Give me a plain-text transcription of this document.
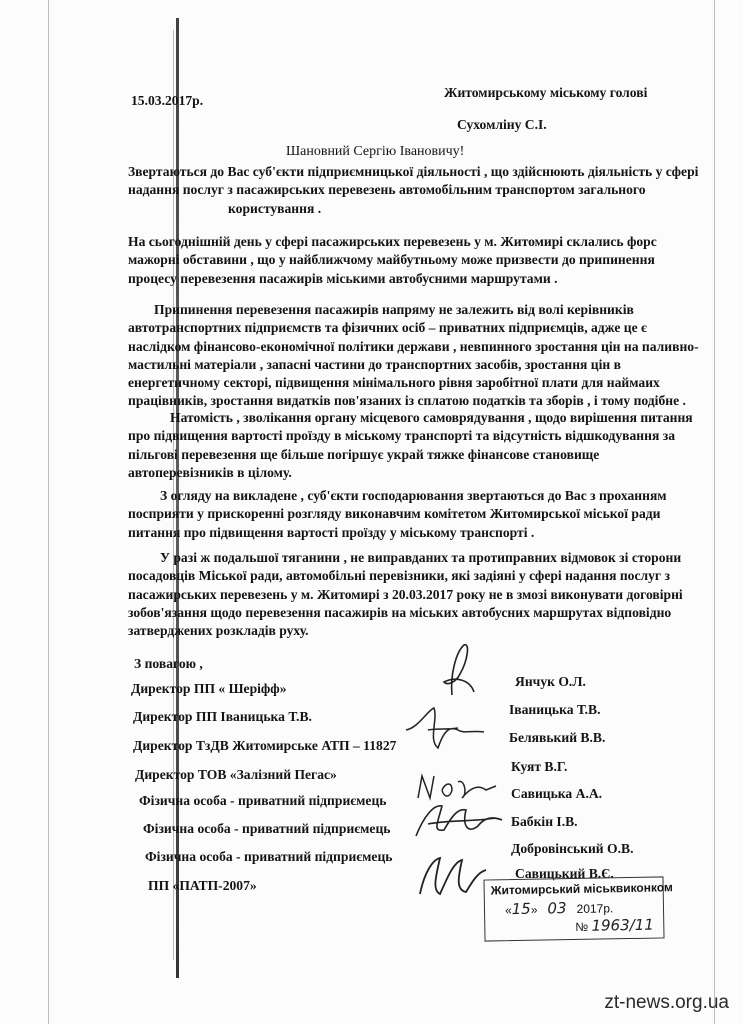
15.03.2017р.
Житомирському міському голові
Сухомліну С.І.
Шановний Сергію Івановичу!
Звертаються до Вас суб'єкти підприємницької діяльності , що здійснюють діяльність у сфері
надання послуг з пасажирських перевезень автомобільним транспортом загального
користування .
На сьогоднішній день у сфері пасажирських перевезень у м. Житомирі склались форс
мажорні обставини , що у найближчому майбутньому може призвести до припинення
процесу перевезення пасажирів міськими автобусними маршрутами .
Припинення перевезення пасажирів напряму не залежить від волі керівників
автотранспортних підприємств та фізичних осіб – приватних підприємців, адже це є
наслідком фінансово-економічної політики держави , невпинного зростання цін на паливно-
мастильні матеріали , запасні частини до транспортних засобів, зростання цін в
енергетичному секторі, підвищення мінімального рівня заробітної плати для наймаих
працівників, зростання видатків пов'язаних із сплатою податків та зборів , і тому подібне .
Натомість , зволікання органу місцевого самоврядування , щодо вирішення питання
про підвищення вартості проїзду в міському транспорті та відсутність відшкодування за
пільгові перевезення ще більше погіршує украй тяжке фінансове становище
автоперевізників в цілому.
З огляду на викладене , суб'єкти господарювання звертаються до Вас з проханням
посприяти у прискоренні розгляду виконавчим комітетом Житомирської міської ради
питання про підвищення вартості проїзду у міському транспорті .
У разі ж подальшої тяганини , не виправданих та протиправних відмовок зі сторони
посадовців Міської ради, автомобільні перевізники, які задіяні у сфері надання послуг з
пасажирських перевезень у м. Житомирі з 20.03.2017 року не в змозі виконувати договірні
зобов'язання щодо перевезення пасажирів на міських автобусних маршрутах відповідно
затверджених розкладів руху.
З повагою ,
Директор ПП « Шеріфф»
Директор ПП Іваницька Т.В.
Директор ТзДВ Житомирське АТП – 11827
Директор ТОВ «Залізний Пегас»
Фізична особа - приватний підприємець
Фізична особа - приватний підприємець
Фізична особа - приватний підприємець
ПП «ПАТП-2007»
Янчук О.Л.
Іваницька Т.В.
Белявький В.В.
Куят В.Г.
Савицька А.А.
Бабкін І.В.
Добровінський О.В.
Савицький В.Є.
Житомирський міськвиконком
«15»   03 2017р.
№ 1963/11
zt-news.org.ua
